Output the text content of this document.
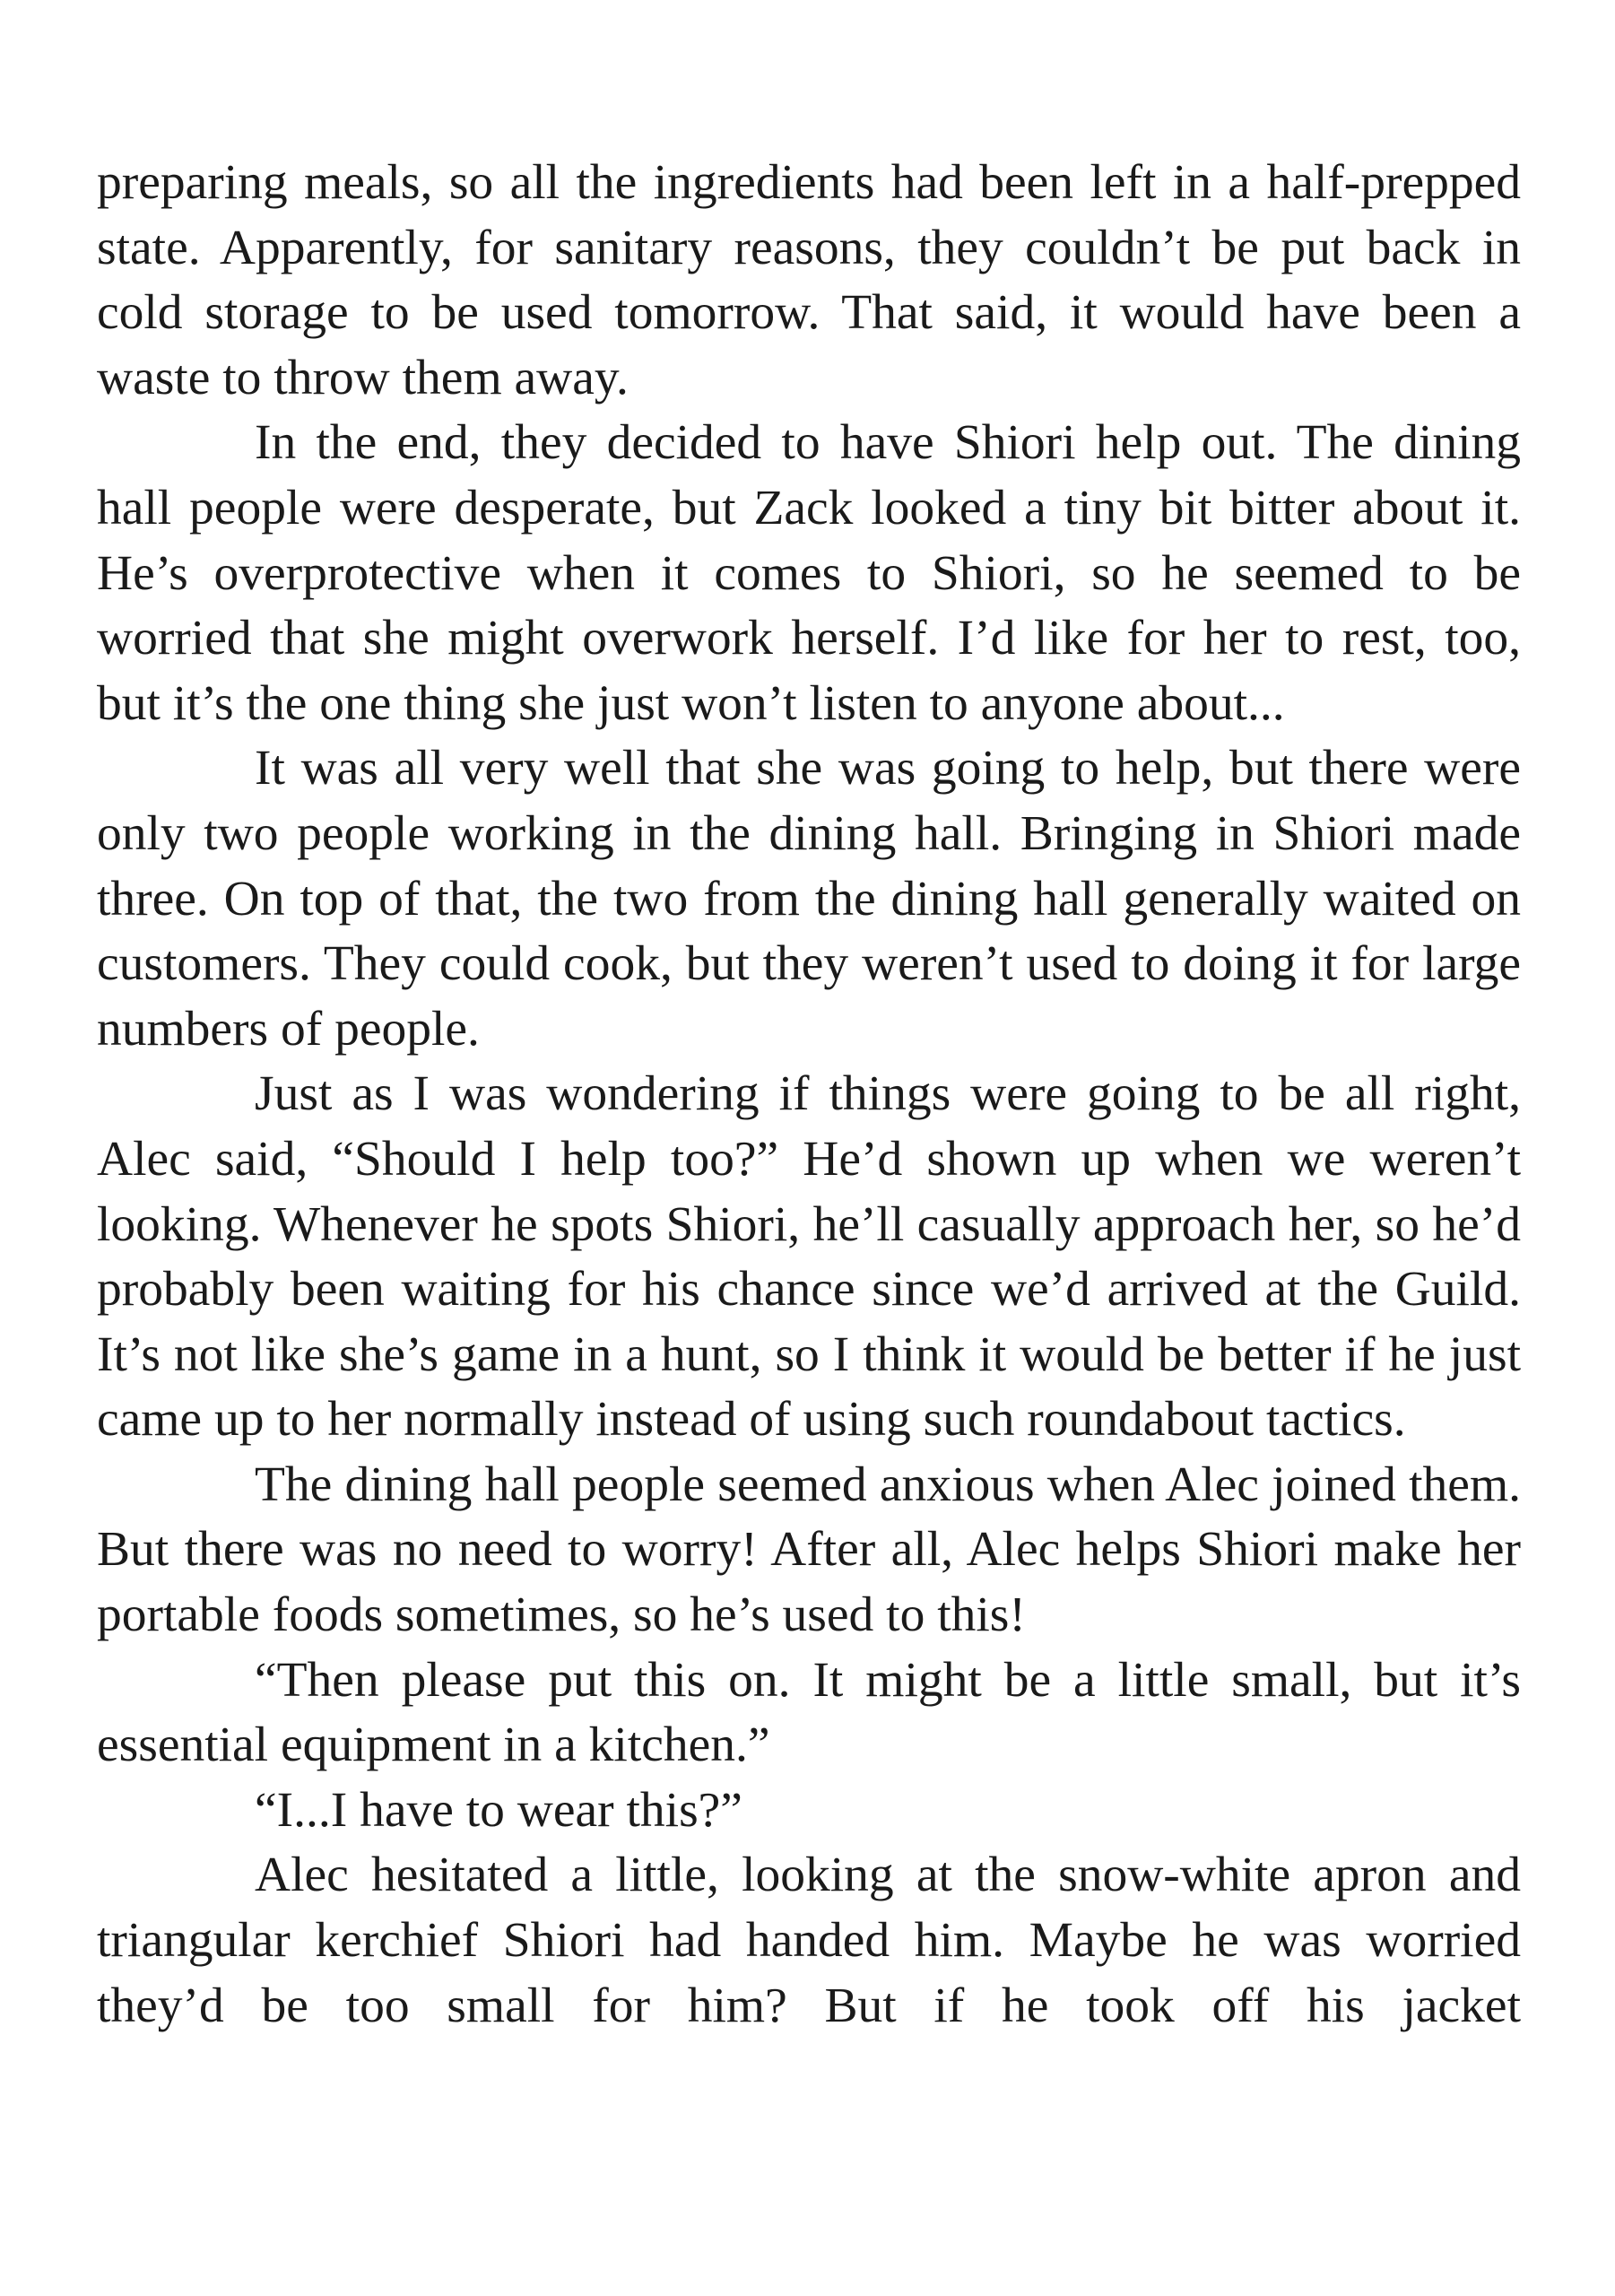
preparing meals, so all the ingredients had been left in a half-prepped state. Apparently, for sanitary reasons, they couldn’t be put back in cold storage to be used tomorrow. That said, it would have been a waste to throw them away.

In the end, they decided to have Shiori help out. The dining hall people were desperate, but Zack looked a tiny bit bitter about it. He’s overprotective when it comes to Shiori, so he seemed to be worried that she might overwork herself. I’d like for her to rest, too, but it’s the one thing she just won’t listen to anyone about...

It was all very well that she was going to help, but there were only two people working in the dining hall. Bringing in Shiori made three. On top of that, the two from the dining hall generally waited on customers. They could cook, but they weren’t used to doing it for large numbers of people.

Just as I was wondering if things were going to be all right, Alec said, “Should I help too?” He’d shown up when we weren’t looking. Whenever he spots Shiori, he’ll casually approach her, so he’d probably been waiting for his chance since we’d arrived at the Guild. It’s not like she’s game in a hunt, so I think it would be better if he just came up to her normally instead of using such roundabout tactics.

The dining hall people seemed anxious when Alec joined them. But there was no need to worry! After all, Alec helps Shiori make her portable foods sometimes, so he’s used to this!

“Then please put this on. It might be a little small, but it’s essential equipment in a kitchen.”

“I...I have to wear this?”

Alec hesitated a little, looking at the snow-white apron and triangular kerchief Shiori had handed him. Maybe he was worried they’d be too small for him? But if he took off his jacket
